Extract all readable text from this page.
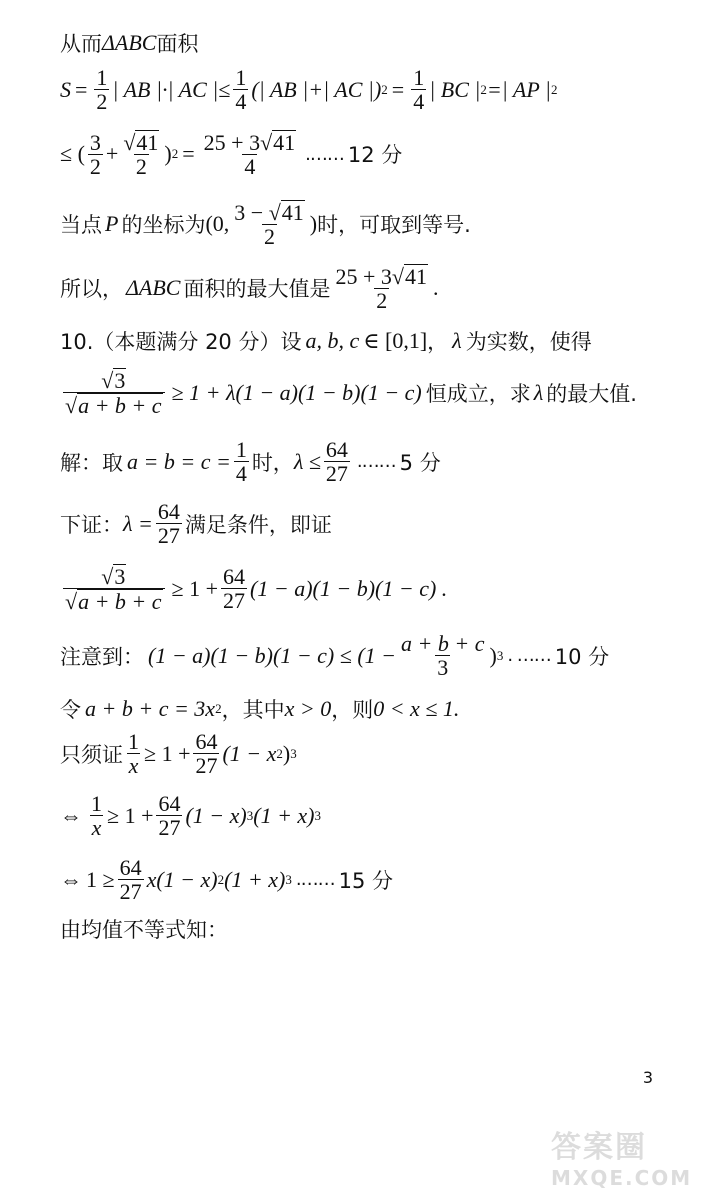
从而 ΔABC 面积
$S = \frac{1}{2}$ | AB |·| AC |≤ $\frac{1}{4}$ (| AB |+| AC |) $2 = \frac{1}{4}$ | BC | 2 =| AP | 2
≤ ( $\frac{3}{2} + \frac{√ 41}{2}$ ) $2 = \frac{25 + 3√ 41}{4}$ .…… 12 分
当点 P 的坐标为 (0, $\frac{3 - √ 41}{2}$ ) 时，可取到等号.
所以， ΔABC 面积的最大值是 $\frac{25 + 3√ 41}{2}$ .
10.（本题满分 20 分）设 a, b, c ∈ [0,1] ， λ 为实数，使得
$\frac{√ 3}{√ a + b + c} \ge 1 + \lambda(1 - a)(1 - b)(1 - c)$ 恒成立，求 λ 的最大值.
解：取 $a = b = c = \frac{1}{4}$ 时， $\lambda \le \frac{64}{27}$ .…… 5 分
下证： $\lambda = \frac{64}{27}$ 满足条件，即证
$\frac{√ 3}{√ a + b + c} \ge 1 + \frac{64}{27} (1 - a)(1 - b)(1 - c)$ .
注意到： $(1 - a)(1 - b)(1 - c) \le (1 - \frac{a + b + c}{3}$ ) 3 . …… 10 分
令 a + b + c = 3x 2 ，其中 x > 0 ，则 0 < x ≤ 1.
只须证 $\frac{1}{x} \ge 1 + \frac{64}{27} (1 - x$ 2 ) 3
⇔ $\frac{1}{x} \ge 1 + \frac{64}{27} (1 - x)$ 3 (1 + x) 3
⇔ $1 \ge \frac{64}{27} x(1 - x)$ 2 (1 + x) 3 .…… 15 分
由均值不等式知：
3
答案圈
MXQE.COM
